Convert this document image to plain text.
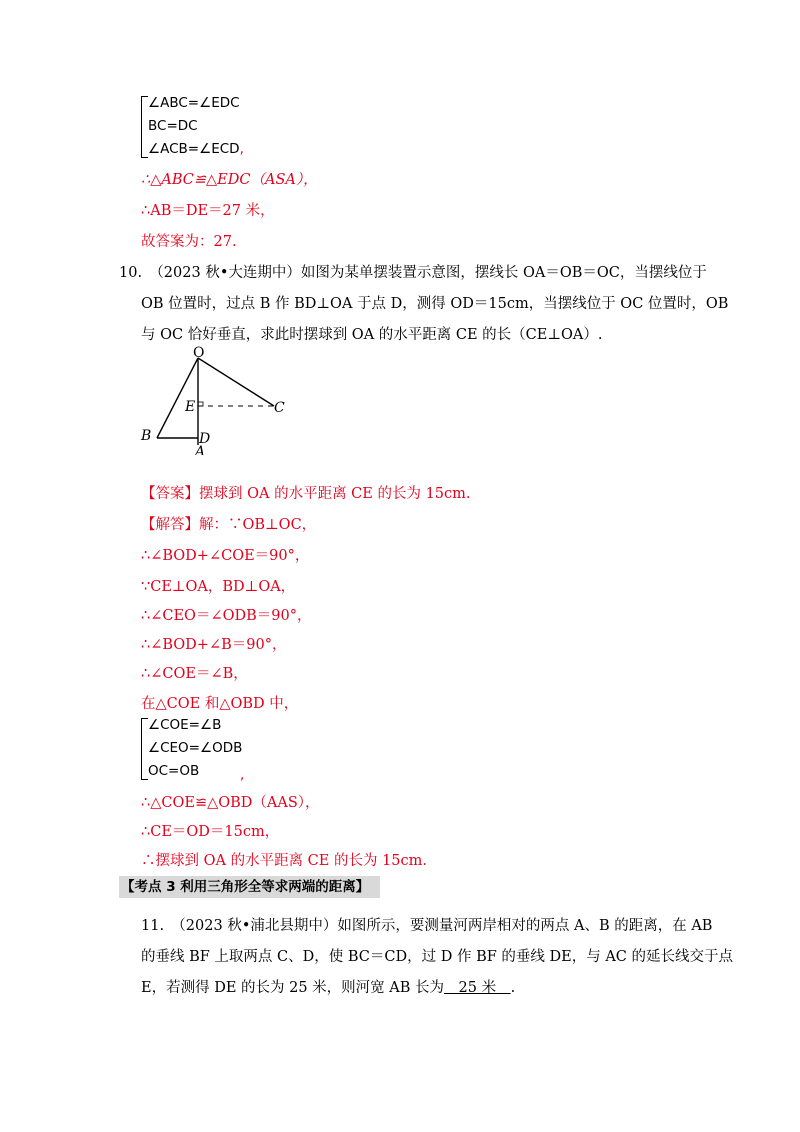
∠ABC=∠EDC
BC=DC
∠ACB=∠ECD,
∴△ABC≌△EDC（ASA），
∴AB＝DE＝27 米，
故答案为：27.
10.　（2023 秋•大连期中）如图为某单摆装置示意图，摆线长 OA＝OB＝OC，当摆线位于
OB 位置时，过点 B 作 BD⊥OA 于点 D，测得 OD＝15cm，当摆线位于 OC 位置时，OB
与 OC 恰好垂直，求此时摆球到 OA 的水平距离 CE 的长（CE⊥OA）.
O
E	C
B	D
A
【答案】摆球到 OA 的水平距离 CE 的长为 15cm.
【解答】解：∵OB⊥OC，
∴∠BOD+∠COE＝90°，
∵CE⊥OA，BD⊥OA，
∴∠CEO＝∠ODB＝90°，
∴∠BOD+∠B＝90°，
∴∠COE＝∠B，
在△COE 和△OBD 中，
∠COE=∠B
∠CEO=∠ODB
OC=OB	,
∴△COE≌△OBD（AAS），
∴CE＝OD＝15cm，
∴摆球到 OA 的水平距离 CE 的长为 15cm.
【考点 3 利用三角形全等求两端的距离】
11.　（2023 秋•浦北县期中）如图所示，要测量河两岸相对的两点 A、B 的距离，在 AB
的垂线 BF 上取两点 C、D，使 BC＝CD，过 D 作 BF 的垂线 DE，与 AC 的延长线交于点
E，若测得 DE 的长为 25 米，则河宽 AB 长为　25 米　.
